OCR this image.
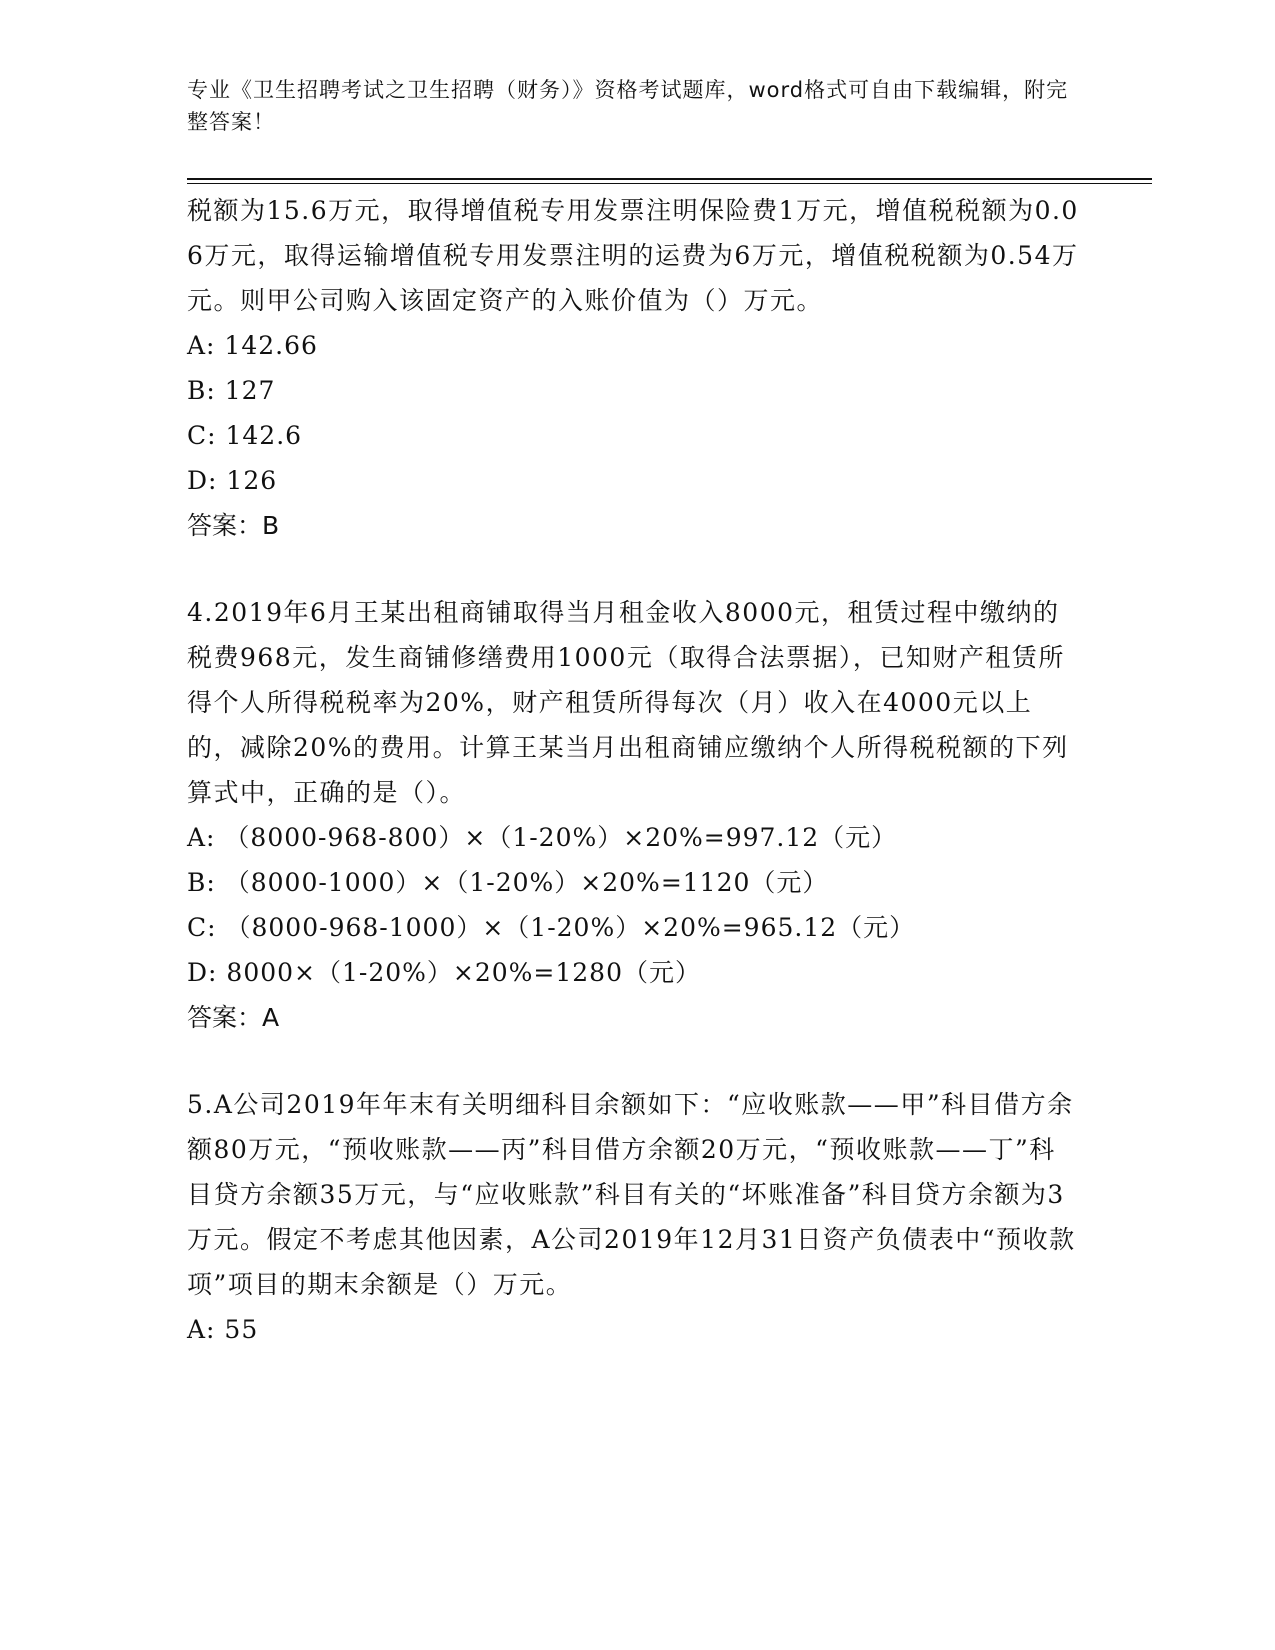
专业《卫生招聘考试之卫生招聘（财务）》资格考试题库，word格式可自由下载编辑，附完整答案！

税额为15.6万元，取得增值税专用发票注明保险费1万元，增值税税额为0.06万元，取得运输增值税专用发票注明的运费为6万元，增值税税额为0.54万元。则甲公司购入该固定资产的入账价值为（）万元。

A: 142.66

B: 127

C: 142.6

D: 126

答案：B

4.2019年6月王某出租商铺取得当月租金收入8000元，租赁过程中缴纳的税费968元，发生商铺修缮费用1000元（取得合法票据），已知财产租赁所得个人所得税税率为20%，财产租赁所得每次（月）收入在4000元以上的，减除20%的费用。计算王某当月出租商铺应缴纳个人所得税税额的下列算式中，正确的是（）。

A: （8000-968-800）×（1-20%）×20%=997.12（元）

B: （8000-1000）×（1-20%）×20%=1120（元）

C: （8000-968-1000）×（1-20%）×20%=965.12（元）

D: 8000×（1-20%）×20%=1280（元）

答案：A

5.A公司2019年年末有关明细科目余额如下：“应收账款——甲”科目借方余额80万元，“预收账款——丙”科目借方余额20万元，“预收账款——丁”科目贷方余额35万元，与“应收账款”科目有关的“坏账准备”科目贷方余额为3万元。假定不考虑其他因素，A公司2019年12月31日资产负债表中“预收款项”项目的期末余额是（）万元。

A: 55
